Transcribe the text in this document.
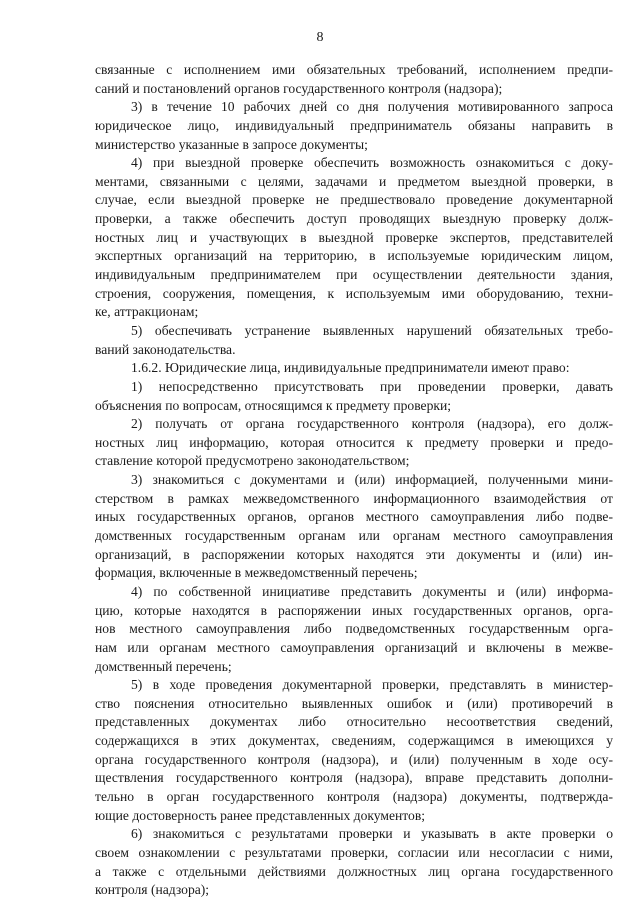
8
связанные с исполнением ими обязательных требований, исполнением предпи-
саний и постановлений органов государственного контроля (надзора);
3) в течение 10 рабочих дней со дня получения мотивированного запроса
юридическое лицо, индивидуальный предприниматель обязаны направить в
министерство указанные в запросе документы;
4) при выездной проверке обеспечить возможность ознакомиться с доку-
ментами, связанными с целями, задачами и предметом выездной проверки, в
случае, если выездной проверке не предшествовало проведение документарной
проверки, а также обеспечить доступ проводящих выездную проверку долж-
ностных лиц и участвующих в выездной проверке экспертов, представителей
экспертных организаций на территорию, в используемые юридическим лицом,
индивидуальным предпринимателем при осуществлении деятельности здания,
строения, сооружения, помещения, к используемым ими оборудованию, техни-
ке, аттракционам;
5) обеспечивать устранение выявленных нарушений обязательных требо-
ваний законодательства.
1.6.2. Юридические лица, индивидуальные предприниматели имеют право:
1) непосредственно присутствовать при проведении проверки, давать
объяснения по вопросам, относящимся к предмету проверки;
2) получать от органа государственного контроля (надзора), его долж-
ностных лиц информацию, которая относится к предмету проверки и предо-
ставление которой предусмотрено законодательством;
3) знакомиться с документами и (или) информацией, полученными мини-
стерством в рамках межведомственного информационного взаимодействия от
иных государственных органов, органов местного самоуправления либо подве-
домственных государственным органам или органам местного самоуправления
организаций, в распоряжении которых находятся эти документы и (или) ин-
формация, включенные в межведомственный перечень;
4) по собственной инициативе представить документы и (или) информа-
цию, которые находятся в распоряжении иных государственных органов, орга-
нов местного самоуправления либо подведомственных государственным орга-
нам или органам местного самоуправления организаций и включены в межве-
домственный перечень;
5) в ходе проведения документарной проверки, представлять в министер-
ство пояснения относительно выявленных ошибок и (или) противоречий в
представленных документах либо относительно несоответствия сведений,
содержащихся в этих документах, сведениям, содержащимся в имеющихся у
органа государственного контроля (надзора), и (или) полученным в ходе осу-
ществления государственного контроля (надзора), вправе представить дополни-
тельно в орган государственного контроля (надзора) документы, подтвержда-
ющие достоверность ранее представленных документов;
6) знакомиться с результатами проверки и указывать в акте проверки о
своем ознакомлении с результатами проверки, согласии или несогласии с ними,
а также с отдельными действиями должностных лиц органа государственного
контроля (надзора);
